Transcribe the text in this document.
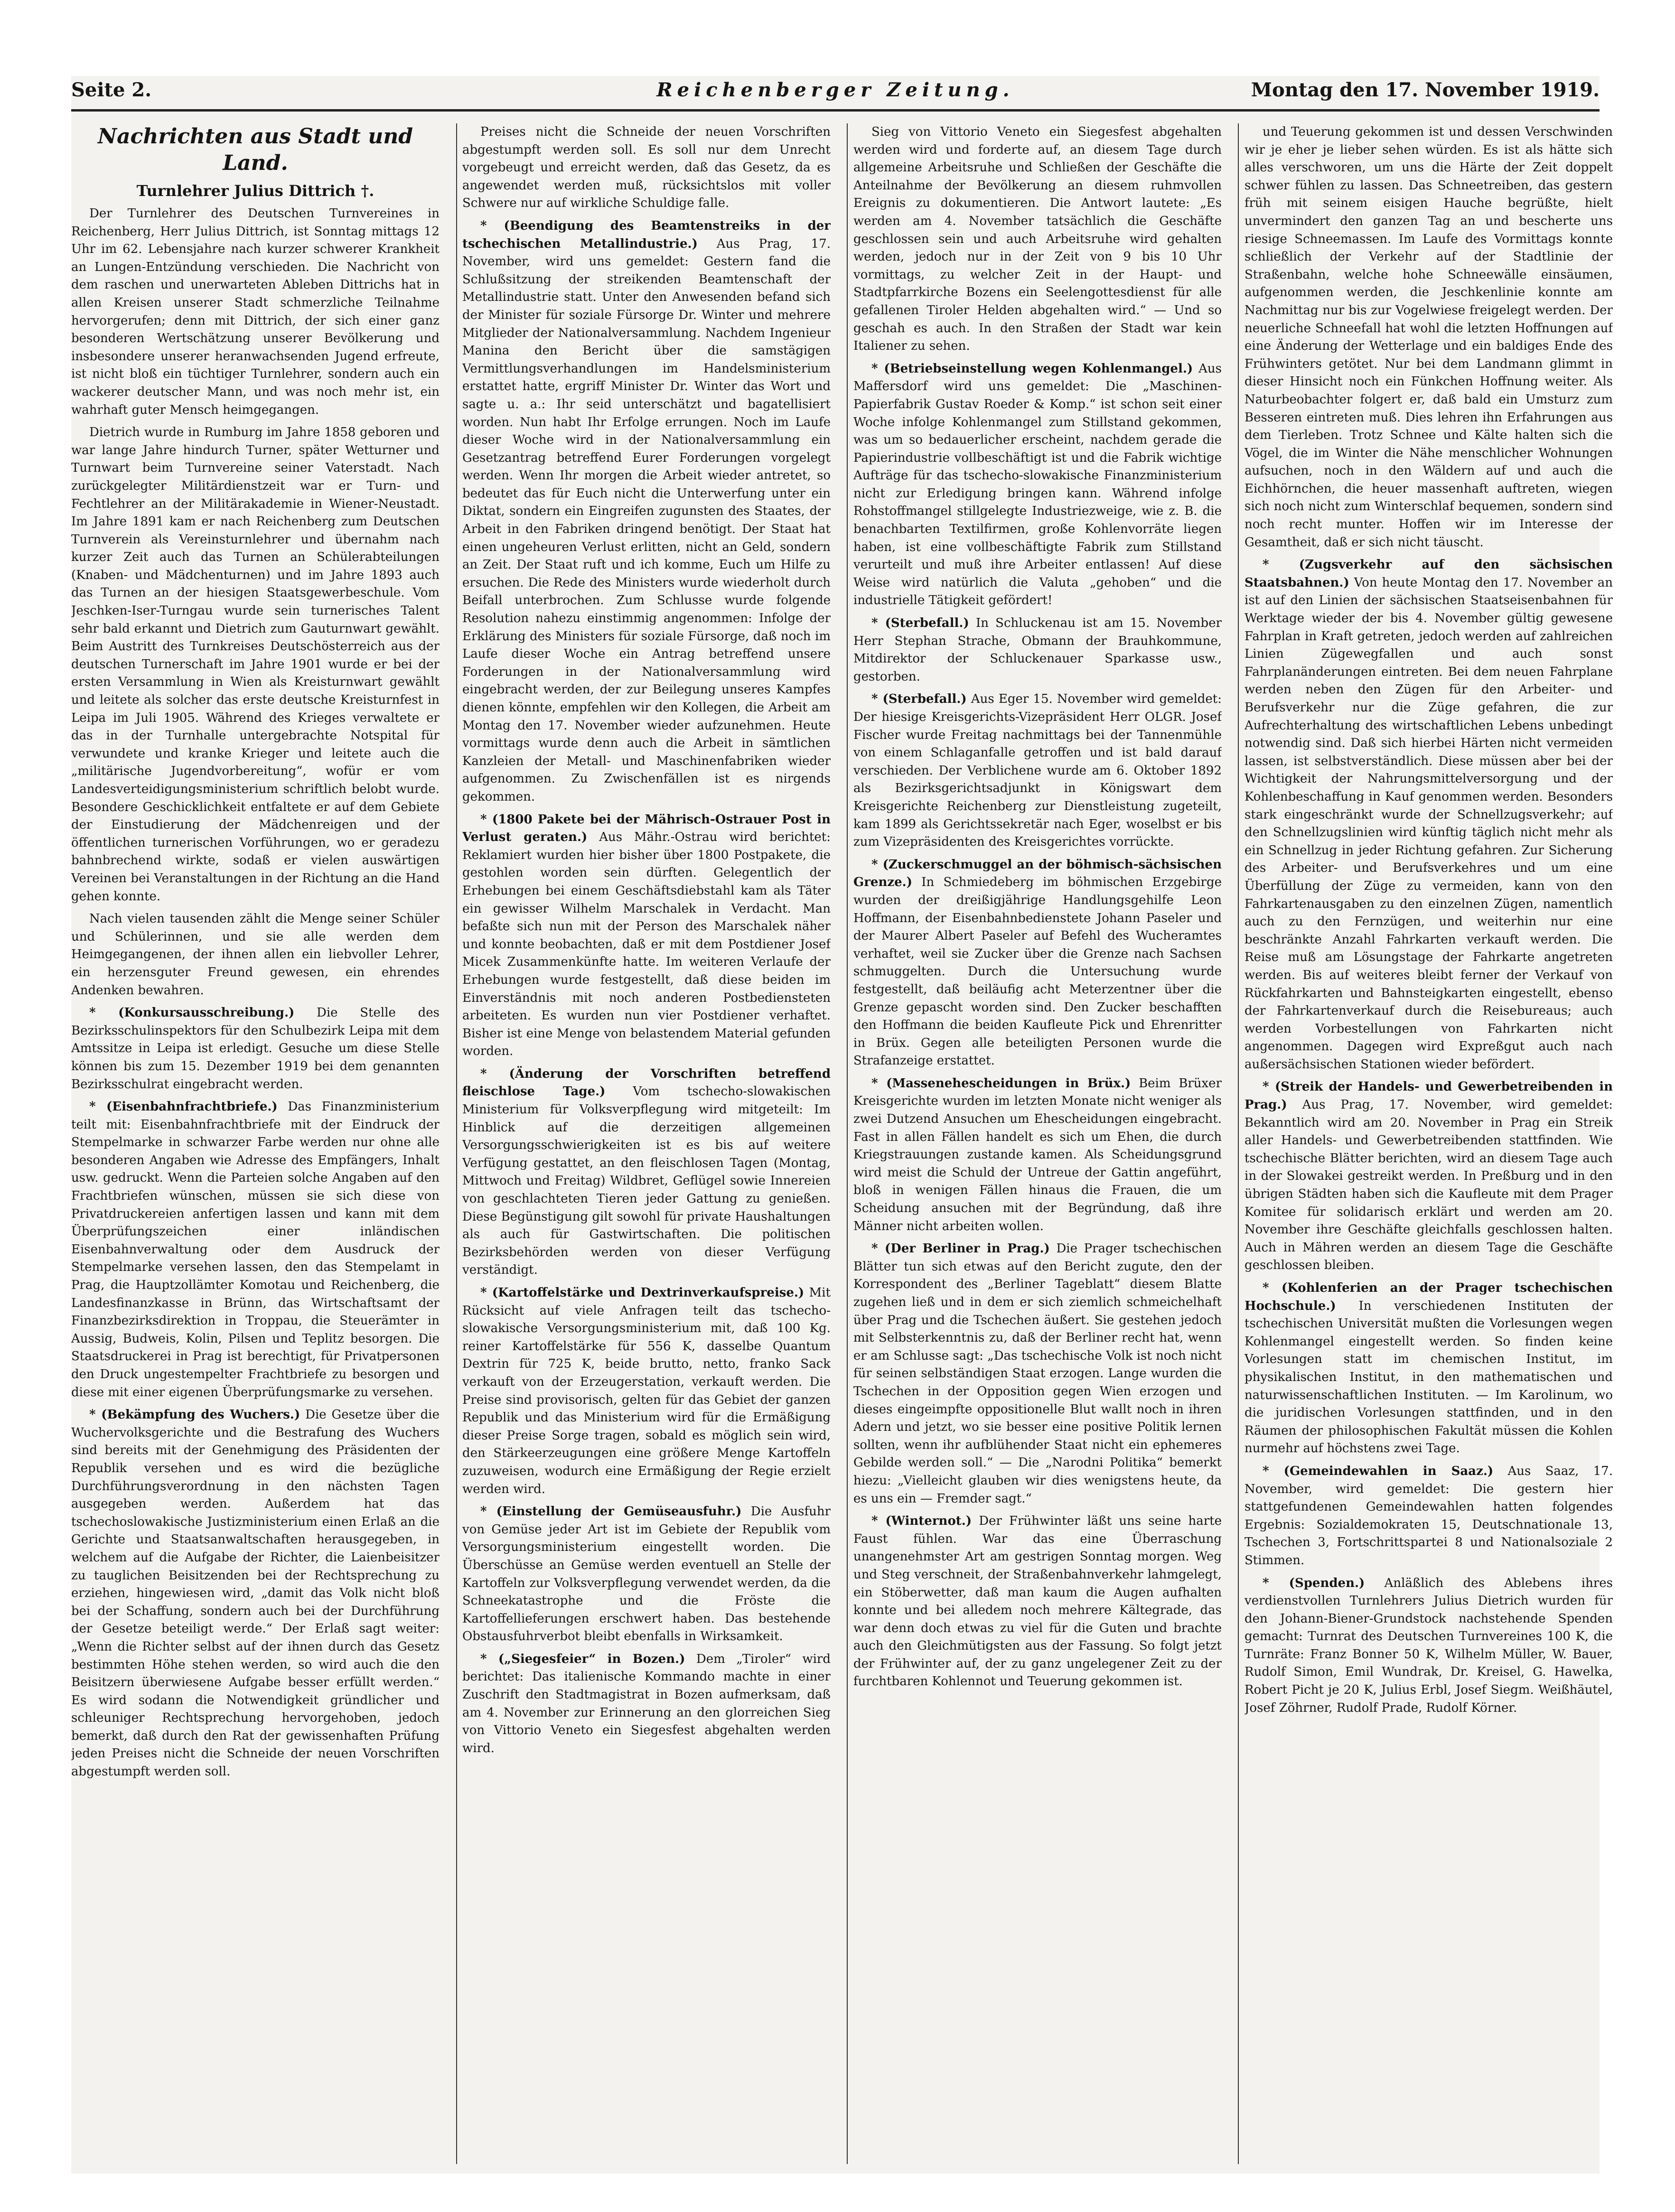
Seite 2.	Reichenberger Zeitung.	Montag den 17. November 1919.
Nachrichten aus Stadt und Land.
Turnlehrer Julius Dittrich †.

Der Turnlehrer des Deutschen Turnvereines in Reichenberg, Herr Julius Dittrich, ist Sonntag mittags 12 Uhr im 62. Lebensjahre nach kurzer schwerer Krankheit an Lungen-Entzündung verschieden. Die Nachricht von dem raschen und unerwarteten Ableben Dittrichs hat in allen Kreisen unserer Stadt schmerzliche Teilnahme hervorgerufen; denn mit Dittrich, der sich einer ganz besonderen Wertschätzung unserer Bevölkerung und insbesondere unserer heranwachsenden Jugend erfreute, ist nicht bloß ein tüchtiger Turnlehrer, sondern auch ein wackerer deutscher Mann, und was noch mehr ist, ein wahrhaft guter Mensch heimgegangen.

Dietrich wurde in Rumburg im Jahre 1858 geboren und war lange Jahre hindurch Turner, später Wetturner und Turnwart beim Turnvereine seiner Vaterstadt. Nach zurückgelegter Militärdienstzeit war er Turn- und Fechtlehrer an der Militärakademie in Wiener-Neustadt. Im Jahre 1891 kam er nach Reichenberg zum Deutschen Turnverein als Vereinsturnlehrer und übernahm nach kurzer Zeit auch das Turnen an Schülerabteilungen (Knaben- und Mädchenturnen) und im Jahre 1893 auch das Turnen an der hiesigen Staatsgewerbeschule. Vom Jeschken-Iser-Turngau wurde sein turnerisches Talent sehr bald erkannt und Dietrich zum Gauturnwart gewählt. Beim Austritt des Turnkreises Deutschösterreich aus der deutschen Turnerschaft im Jahre 1901 wurde er bei der ersten Versammlung in Wien als Kreisturnwart gewählt und leitete als solcher das erste deutsche Kreisturnfest in Leipa im Juli 1905. Während des Krieges verwaltete er das in der Turnhalle untergebrachte Notspital für verwundete und kranke Krieger und leitete auch die „militärische Jugendvorbereitung“, wofür er vom Landesverteidigungsministerium schriftlich belobt wurde. Besondere Geschicklichkeit entfaltete er auf dem Gebiete der Einstudierung der Mädchenreigen und der öffentlichen turnerischen Vorführungen, wo er geradezu bahnbrechend wirkte, sodaß er vielen auswärtigen Vereinen bei Veranstaltungen in der Richtung an die Hand gehen konnte.

Nach vielen tausenden zählt die Menge seiner Schüler und Schülerinnen, und sie alle werden dem Heimgegangenen, der ihnen allen ein liebvoller Lehrer, ein herzensguter Freund gewesen, ein ehrendes Andenken bewahren.

* (Konkursausschreibung.) Die Stelle des Bezirksschulinspektors für den Schulbezirk Leipa mit dem Amtssitze in Leipa ist erledigt. Gesuche um diese Stelle können bis zum 15. Dezember 1919 bei dem genannten Bezirksschulrat eingebracht werden.

* (Eisenbahnfrachtbriefe.) Das Finanzministerium teilt mit: Eisenbahnfrachtbriefe mit der Eindruck der Stempelmarke in schwarzer Farbe werden nur ohne alle besonderen Angaben wie Adresse des Empfängers, Inhalt usw. gedruckt. Wenn die Parteien solche Angaben auf den Frachtbriefen wünschen, müssen sie sich diese von Privatdruckereien anfertigen lassen und kann mit dem Überprüfungszeichen einer inländischen Eisenbahnverwaltung oder dem Ausdruck der Stempelmarke versehen lassen, den das Stempelamt in Prag, die Hauptzollämter Komotau und Reichenberg, die Landesfinanzkasse in Brünn, das Wirtschaftsamt der Finanzbezirksdirektion in Troppau, die Steuerämter in Aussig, Budweis, Kolin, Pilsen und Teplitz besorgen. Die Staatsdruckerei in Prag ist berechtigt, für Privatpersonen den Druck ungestempelter Frachtbriefe zu besorgen und diese mit einer eigenen Überprüfungsmarke zu versehen.

* (Bekämpfung des Wuchers.) Die Gesetze über die Wuchervolksgerichte und die Bestrafung des Wuchers sind bereits mit der Genehmigung des Präsidenten der Republik versehen und es wird die bezügliche Durchführungsverordnung in den nächsten Tagen ausgegeben werden. Außerdem hat das tschechoslowakische Justizministerium einen Erlaß an die Gerichte und Staatsanwaltschaften herausgegeben, in welchem auf die Aufgabe der Richter, die Laienbeisitzer zu tauglichen Beisitzenden bei der Rechtsprechung zu erziehen, hingewiesen wird, „damit das Volk nicht bloß bei der Schaffung, sondern auch bei der Durchführung der Gesetze beteiligt werde.“ Der Erlaß sagt weiter: „Wenn die Richter selbst auf der ihnen durch das Gesetz bestimmten Höhe stehen werden, so wird auch die den Beisitzern überwiesene Aufgabe besser erfüllt werden.“ Es wird sodann die Notwendigkeit gründlicher und schleuniger Rechtsprechung hervorgehoben, jedoch bemerkt, daß durch den Rat der gewissenhaften Prüfung jeden Preises nicht die Schneide der neuen Vorschriften abgestumpft werden soll.

Preises nicht die Schneide der neuen Vorschriften abgestumpft werden soll. Es soll nur dem Unrecht vorgebeugt und erreicht werden, daß das Gesetz, da es angewendet werden muß, rücksichtslos mit voller Schwere nur auf wirkliche Schuldige falle.

* (Beendigung des Beamtenstreiks in der tschechischen Metallindustrie.) Aus Prag, 17. November, wird uns gemeldet: Gestern fand die Schlußsitzung der streikenden Beamtenschaft der Metallindustrie statt. Unter den Anwesenden befand sich der Minister für soziale Fürsorge Dr. Winter und mehrere Mitglieder der Nationalversammlung. Nachdem Ingenieur Manina den Bericht über die samstägigen Vermittlungsverhandlungen im Handelsministerium erstattet hatte, ergriff Minister Dr. Winter das Wort und sagte u. a.: Ihr seid unterschätzt und bagatellisiert worden. Nun habt Ihr Erfolge errungen. Noch im Laufe dieser Woche wird in der Nationalversammlung ein Gesetzantrag betreffend Eurer Forderungen vorgelegt werden. Wenn Ihr morgen die Arbeit wieder antretet, so bedeutet das für Euch nicht die Unterwerfung unter ein Diktat, sondern ein Eingreifen zugunsten des Staates, der Arbeit in den Fabriken dringend benötigt. Der Staat hat einen ungeheuren Verlust erlitten, nicht an Geld, sondern an Zeit. Der Staat ruft und ich komme, Euch um Hilfe zu ersuchen. Die Rede des Ministers wurde wiederholt durch Beifall unterbrochen. Zum Schlusse wurde folgende Resolution nahezu einstimmig angenommen: Infolge der Erklärung des Ministers für soziale Fürsorge, daß noch im Laufe dieser Woche ein Antrag betreffend unsere Forderungen in der Nationalversammlung wird eingebracht werden, der zur Beilegung unseres Kampfes dienen könnte, empfehlen wir den Kollegen, die Arbeit am Montag den 17. November wieder aufzunehmen. Heute vormittags wurde denn auch die Arbeit in sämtlichen Kanzleien der Metall- und Maschinenfabriken wieder aufgenommen. Zu Zwischenfällen ist es nirgends gekommen.

* (1800 Pakete bei der Mährisch-Ostrauer Post in Verlust geraten.) Aus Mähr.-Ostrau wird berichtet: Reklamiert wurden hier bisher über 1800 Postpakete, die gestohlen worden sein dürften. Gelegentlich der Erhebungen bei einem Geschäftsdiebstahl kam als Täter ein gewisser Wilhelm Marschalek in Verdacht. Man befaßte sich nun mit der Person des Marschalek näher und konnte beobachten, daß er mit dem Postdiener Josef Micek Zusammenkünfte hatte. Im weiteren Verlaufe der Erhebungen wurde festgestellt, daß diese beiden im Einverständnis mit noch anderen Postbediensteten arbeiteten. Es wurden nun vier Postdiener verhaftet. Bisher ist eine Menge von belastendem Material gefunden worden.

* (Änderung der Vorschriften betreffend fleischlose Tage.) Vom tschecho-slowakischen Ministerium für Volksverpflegung wird mitgeteilt: Im Hinblick auf die derzeitigen allgemeinen Versorgungsschwierigkeiten ist es bis auf weitere Verfügung gestattet, an den fleischlosen Tagen (Montag, Mittwoch und Freitag) Wildbret, Geflügel sowie Innereien von geschlachteten Tieren jeder Gattung zu genießen. Diese Begünstigung gilt sowohl für private Haushaltungen als auch für Gastwirtschaften. Die politischen Bezirksbehörden werden von dieser Verfügung verständigt.

* (Kartoffelstärke und Dextrinverkaufspreise.) Mit Rücksicht auf viele Anfragen teilt das tschecho-slowakische Versorgungsministerium mit, daß 100 Kg. reiner Kartoffelstärke für 556 K, dasselbe Quantum Dextrin für 725 K, beide brutto, netto, franko Sack verkauft von der Erzeugerstation, verkauft werden. Die Preise sind provisorisch, gelten für das Gebiet der ganzen Republik und das Ministerium wird für die Ermäßigung dieser Preise Sorge tragen, sobald es möglich sein wird, den Stärkeerzeugungen eine größere Menge Kartoffeln zuzuweisen, wodurch eine Ermäßigung der Regie erzielt werden wird.

* (Einstellung der Gemüseausfuhr.) Die Ausfuhr von Gemüse jeder Art ist im Gebiete der Republik vom Versorgungsministerium eingestellt worden. Die Überschüsse an Gemüse werden eventuell an Stelle der Kartoffeln zur Volksverpflegung verwendet werden, da die Schneekatastrophe und die Fröste die Kartoffellieferungen erschwert haben. Das bestehende Obstausfuhrverbot bleibt ebenfalls in Wirksamkeit.

* („Siegesfeier“ in Bozen.) Dem „Tiroler“ wird berichtet: Das italienische Kommando machte in einer Zuschrift den Stadtmagistrat in Bozen aufmerksam, daß am 4. November zur Erinnerung an den glorreichen Sieg von Vittorio Veneto ein Siegesfest abgehalten werden wird.

Sieg von Vittorio Veneto ein Siegesfest abgehalten werden wird und forderte auf, an diesem Tage durch allgemeine Arbeitsruhe und Schließen der Geschäfte die Anteilnahme der Bevölkerung an diesem ruhmvollen Ereignis zu dokumentieren. Die Antwort lautete: „Es werden am 4. November tatsächlich die Geschäfte geschlossen sein und auch Arbeitsruhe wird gehalten werden, jedoch nur in der Zeit von 9 bis 10 Uhr vormittags, zu welcher Zeit in der Haupt- und Stadtpfarrkirche Bozens ein Seelengottesdienst für alle gefallenen Tiroler Helden abgehalten wird.“ — Und so geschah es auch. In den Straßen der Stadt war kein Italiener zu sehen.

* (Betriebseinstellung wegen Kohlenmangel.) Aus Maffersdorf wird uns gemeldet: Die „Maschinen-Papierfabrik Gustav Roeder & Komp.“ ist schon seit einer Woche infolge Kohlenmangel zum Stillstand gekommen, was um so bedauerlicher erscheint, nachdem gerade die Papierindustrie vollbeschäftigt ist und die Fabrik wichtige Aufträge für das tschecho-slowakische Finanzministerium nicht zur Erledigung bringen kann. Während infolge Rohstoffmangel stillgelegte Industriezweige, wie z. B. die benachbarten Textilfirmen, große Kohlenvorräte liegen haben, ist eine vollbeschäftigte Fabrik zum Stillstand verurteilt und muß ihre Arbeiter entlassen! Auf diese Weise wird natürlich die Valuta „gehoben“ und die industrielle Tätigkeit gefördert!

* (Sterbefall.) In Schluckenau ist am 15. November Herr Stephan Strache, Obmann der Brauhkommune, Mitdirektor der Schluckenauer Sparkasse usw., gestorben.

* (Sterbefall.) Aus Eger 15. November wird gemeldet: Der hiesige Kreisgerichts-Vizepräsident Herr OLGR. Josef Fischer wurde Freitag nachmittags bei der Tannenmühle von einem Schlaganfalle getroffen und ist bald darauf verschieden. Der Verblichene wurde am 6. Oktober 1892 als Bezirksgerichtsadjunkt in Königswart dem Kreisgerichte Reichenberg zur Dienstleistung zugeteilt, kam 1899 als Gerichtssekretär nach Eger, woselbst er bis zum Vizepräsidenten des Kreisgerichtes vorrückte.

* (Zuckerschmuggel an der böhmisch-sächsischen Grenze.) In Schmiedeberg im böhmischen Erzgebirge wurden der dreißigjährige Handlungsgehilfe Leon Hoffmann, der Eisenbahnbedienstete Johann Paseler und der Maurer Albert Paseler auf Befehl des Wucheramtes verhaftet, weil sie Zucker über die Grenze nach Sachsen schmuggelten. Durch die Untersuchung wurde festgestellt, daß beiläufig acht Meterzentner über die Grenze gepascht worden sind. Den Zucker beschafften den Hoffmann die beiden Kaufleute Pick und Ehrenritter in Brüx. Gegen alle beteiligten Personen wurde die Strafanzeige erstattet.

* (Massenehescheidungen in Brüx.) Beim Brüxer Kreisgerichte wurden im letzten Monate nicht weniger als zwei Dutzend Ansuchen um Ehescheidungen eingebracht. Fast in allen Fällen handelt es sich um Ehen, die durch Kriegstrauungen zustande kamen. Als Scheidungsgrund wird meist die Schuld der Untreue der Gattin angeführt, bloß in wenigen Fällen hinaus die Frauen, die um Scheidung ansuchen mit der Begründung, daß ihre Männer nicht arbeiten wollen.

* (Der Berliner in Prag.) Die Prager tschechischen Blätter tun sich etwas auf den Bericht zugute, den der Korrespondent des „Berliner Tageblatt“ diesem Blatte zugehen ließ und in dem er sich ziemlich schmeichelhaft über Prag und die Tschechen äußert. Sie gestehen jedoch mit Selbsterkenntnis zu, daß der Berliner recht hat, wenn er am Schlusse sagt: „Das tschechische Volk ist noch nicht für seinen selbständigen Staat erzogen. Lange wurden die Tschechen in der Opposition gegen Wien erzogen und dieses eingeimpfte oppositionelle Blut wallt noch in ihren Adern und jetzt, wo sie besser eine positive Politik lernen sollten, wenn ihr aufblühender Staat nicht ein ephemeres Gebilde werden soll.“ — Die „Narodni Politika“ bemerkt hiezu: „Vielleicht glauben wir dies wenigstens heute, da es uns ein — Fremder sagt.“

* (Winternot.) Der Frühwinter läßt uns seine harte Faust fühlen. War das eine Überraschung unangenehmster Art am gestrigen Sonntag morgen. Weg und Steg verschneit, der Straßenbahnverkehr lahmgelegt, ein Stöberwetter, daß man kaum die Augen aufhalten konnte und bei alledem noch mehrere Kältegrade, das war denn doch etwas zu viel für die Guten und brachte auch den Gleichmütigsten aus der Fassung. So folgt jetzt der Frühwinter auf, der zu ganz ungelegener Zeit zu der furchtbaren Kohlennot und Teuerung gekommen ist.

und Teuerung gekommen ist und dessen Verschwinden wir je eher je lieber sehen würden. Es ist als hätte sich alles verschworen, um uns die Härte der Zeit doppelt schwer fühlen zu lassen. Das Schneetreiben, das gestern früh mit seinem eisigen Hauche begrüßte, hielt unvermindert den ganzen Tag an und bescherte uns riesige Schneemassen. Im Laufe des Vormittags konnte schließlich der Verkehr auf der Stadtlinie der Straßenbahn, welche hohe Schneewälle einsäumen, aufgenommen werden, die Jeschkenlinie konnte am Nachmittag nur bis zur Vogelwiese freigelegt werden. Der neuerliche Schneefall hat wohl die letzten Hoffnungen auf eine Änderung der Wetterlage und ein baldiges Ende des Frühwinters getötet. Nur bei dem Landmann glimmt in dieser Hinsicht noch ein Fünkchen Hoffnung weiter. Als Naturbeobachter folgert er, daß bald ein Umsturz zum Besseren eintreten muß. Dies lehren ihn Erfahrungen aus dem Tierleben. Trotz Schnee und Kälte halten sich die Vögel, die im Winter die Nähe menschlicher Wohnungen aufsuchen, noch in den Wäldern auf und auch die Eichhörnchen, die heuer massenhaft auftreten, wiegen sich noch nicht zum Winterschlaf bequemen, sondern sind noch recht munter. Hoffen wir im Interesse der Gesamtheit, daß er sich nicht täuscht.

* (Zugsverkehr auf den sächsischen Staatsbahnen.) Von heute Montag den 17. November an ist auf den Linien der sächsischen Staatseisenbahnen für Werktage wieder der bis 4. November gültig gewesene Fahrplan in Kraft getreten, jedoch werden auf zahlreichen Linien Zügewegfallen und auch sonst Fahrplanänderungen eintreten. Bei dem neuen Fahrplane werden neben den Zügen für den Arbeiter- und Berufsverkehr nur die Züge gefahren, die zur Aufrechterhaltung des wirtschaftlichen Lebens unbedingt notwendig sind. Daß sich hierbei Härten nicht vermeiden lassen, ist selbstverständlich. Diese müssen aber bei der Wichtigkeit der Nahrungsmittelversorgung und der Kohlenbeschaffung in Kauf genommen werden. Besonders stark eingeschränkt wurde der Schnellzugsverkehr; auf den Schnellzugslinien wird künftig täglich nicht mehr als ein Schnellzug in jeder Richtung gefahren. Zur Sicherung des Arbeiter- und Berufsverkehres und um eine Überfüllung der Züge zu vermeiden, kann von den Fahrkartenausgaben zu den einzelnen Zügen, namentlich auch zu den Fernzügen, und weiterhin nur eine beschränkte Anzahl Fahrkarten verkauft werden. Die Reise muß am Lösungstage der Fahrkarte angetreten werden. Bis auf weiteres bleibt ferner der Verkauf von Rückfahrkarten und Bahnsteigkarten eingestellt, ebenso der Fahrkartenverkauf durch die Reisebureaus; auch werden Vorbestellungen von Fahrkarten nicht angenommen. Dagegen wird Expreßgut auch nach außersächsischen Stationen wieder befördert.

* (Streik der Handels- und Gewerbetreibenden in Prag.) Aus Prag, 17. November, wird gemeldet: Bekanntlich wird am 20. November in Prag ein Streik aller Handels- und Gewerbetreibenden stattfinden. Wie tschechische Blätter berichten, wird an diesem Tage auch in der Slowakei gestreikt werden. In Preßburg und in den übrigen Städten haben sich die Kaufleute mit dem Prager Komitee für solidarisch erklärt und werden am 20. November ihre Geschäfte gleichfalls geschlossen halten. Auch in Mähren werden an diesem Tage die Geschäfte geschlossen bleiben.

* (Kohlenferien an der Prager tschechischen Hochschule.) In verschiedenen Instituten der tschechischen Universität mußten die Vorlesungen wegen Kohlenmangel eingestellt werden. So finden keine Vorlesungen statt im chemischen Institut, im physikalischen Institut, in den mathematischen und naturwissenschaftlichen Instituten. — Im Karolinum, wo die juridischen Vorlesungen stattfinden, und in den Räumen der philosophischen Fakultät müssen die Kohlen nurmehr auf höchstens zwei Tage.

* (Gemeindewahlen in Saaz.) Aus Saaz, 17. November, wird gemeldet: Die gestern hier stattgefundenen Gemeindewahlen hatten folgendes Ergebnis: Sozialdemokraten 15, Deutschnationale 13, Tschechen 3, Fortschrittspartei 8 und Nationalsoziale 2 Stimmen.

* (Spenden.) Anläßlich des Ablebens ihres verdienstvollen Turnlehrers Julius Dietrich wurden für den Johann-Biener-Grundstock nachstehende Spenden gemacht: Turnrat des Deutschen Turnvereines 100 K, die Turnräte: Franz Bonner 50 K, Wilhelm Müller, W. Bauer, Rudolf Simon, Emil Wundrak, Dr. Kreisel, G. Hawelka, Robert Picht je 20 K, Julius Erbl, Josef Siegm. Weißhäutel, Josef Zöhrner, Rudolf Prade, Rudolf Körner.
